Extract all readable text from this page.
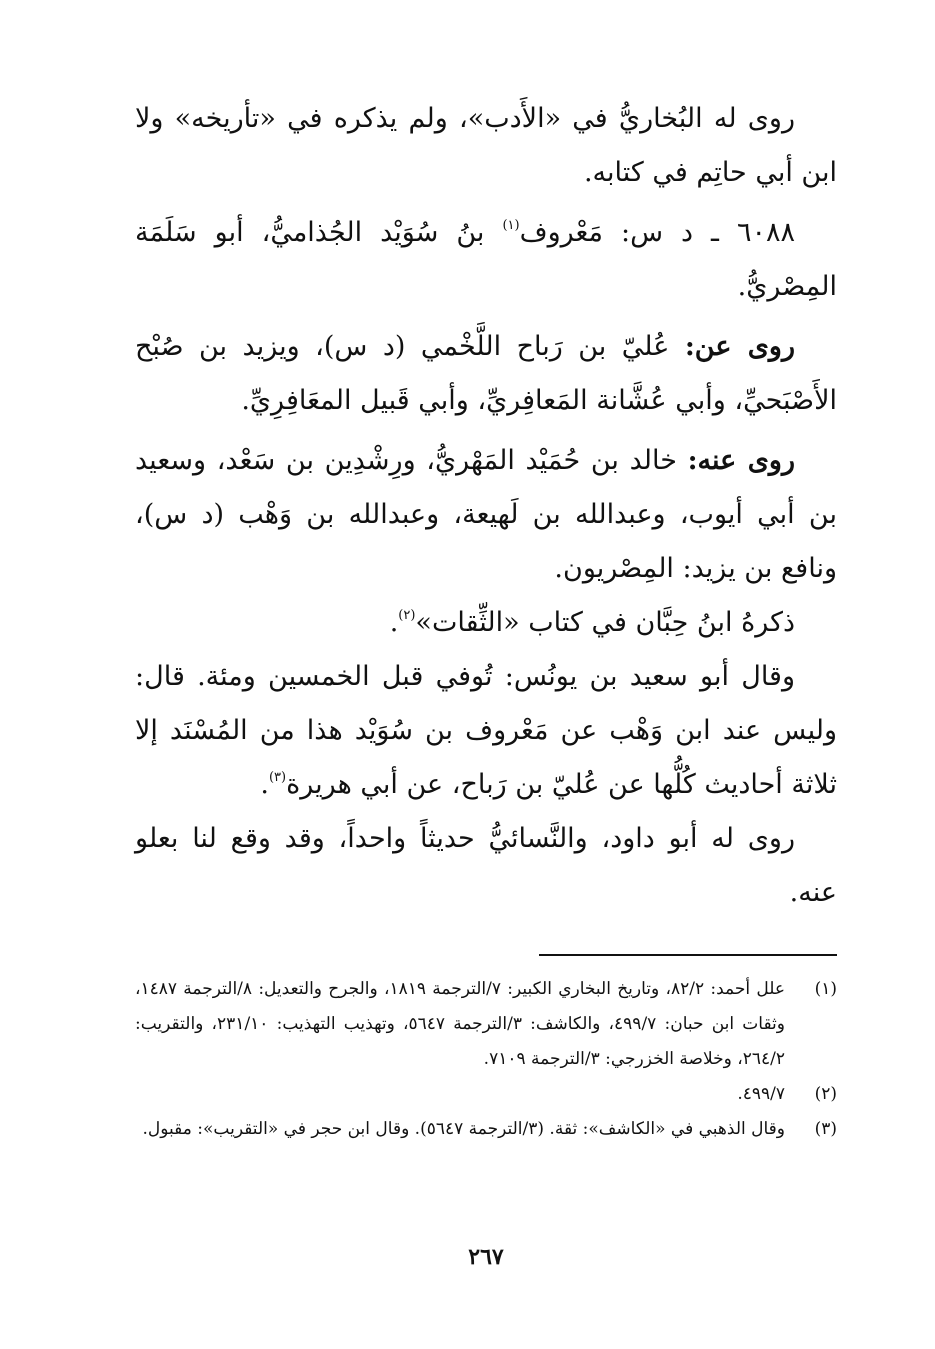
روى له البُخاريُّ في «الأَدب»، ولم يذكره في «تأريخه» ولا ابن أبي حاتِم في كتابه.

٦٠٨٨ ـ د س: مَعْروف$^{(١)}$ بنُ سُوَيْد الجُذاميُّ، أبو سَلَمَة المِصْريُّ.

روى عن: عُليّ بن رَباح اللَّخْمي (د س)، ويزيد بن صُبْح الأَصْبَحيِّ، وأبي عُشَّانة المَعافِريِّ، وأبي قَبيل المعَافِرِيِّ.

روى عنه: خالد بن حُمَيْد المَهْريُّ، ورِشْدِين بن سَعْد، وسعيد بن أبي أيوب، وعبدالله بن لَهيعة، وعبدالله بن وَهْب (د س)، ونافع بن يزيد: المِصْريون.

ذكرهُ ابنُ حِبَّان في كتاب «الثِّقات»$^{(٢)}$.

وقال أبو سعيد بن يونُس: تُوفي قبل الخمسين ومئة. قال: وليس عند ابن وَهْب عن مَعْروف بن سُوَيْد هذا من المُسْنَد إلا ثلاثة أحاديث كُلُّها عن عُليّ بن رَباح، عن أبي هريرة$^{(٣)}$.

روى له أبو داود، والنَّسائيُّ حديثاً واحداً، وقد وقع لنا بعلو عنه.

(١)
علل أحمد: ٨٢/٢، وتاريخ البخاري الكبير: ٧/الترجمة ١٨١٩، والجرح والتعديل: ٨/الترجمة ١٤٨٧، وثقات ابن حبان: ٤٩٩/٧، والكاشف: ٣/الترجمة ٥٦٤٧، وتهذيب التهذيب: ٢٣١/١٠، والتقريب: ٢٦٤/٢، وخلاصة الخزرجي: ٣/الترجمة ٧١٠٩.
(٢)
٤٩٩/٧.
(٣)
وقال الذهبي في «الكاشف»: ثقة. (٣/الترجمة ٥٦٤٧). وقال ابن حجر في «التقريب»: مقبول.
٢٦٧
